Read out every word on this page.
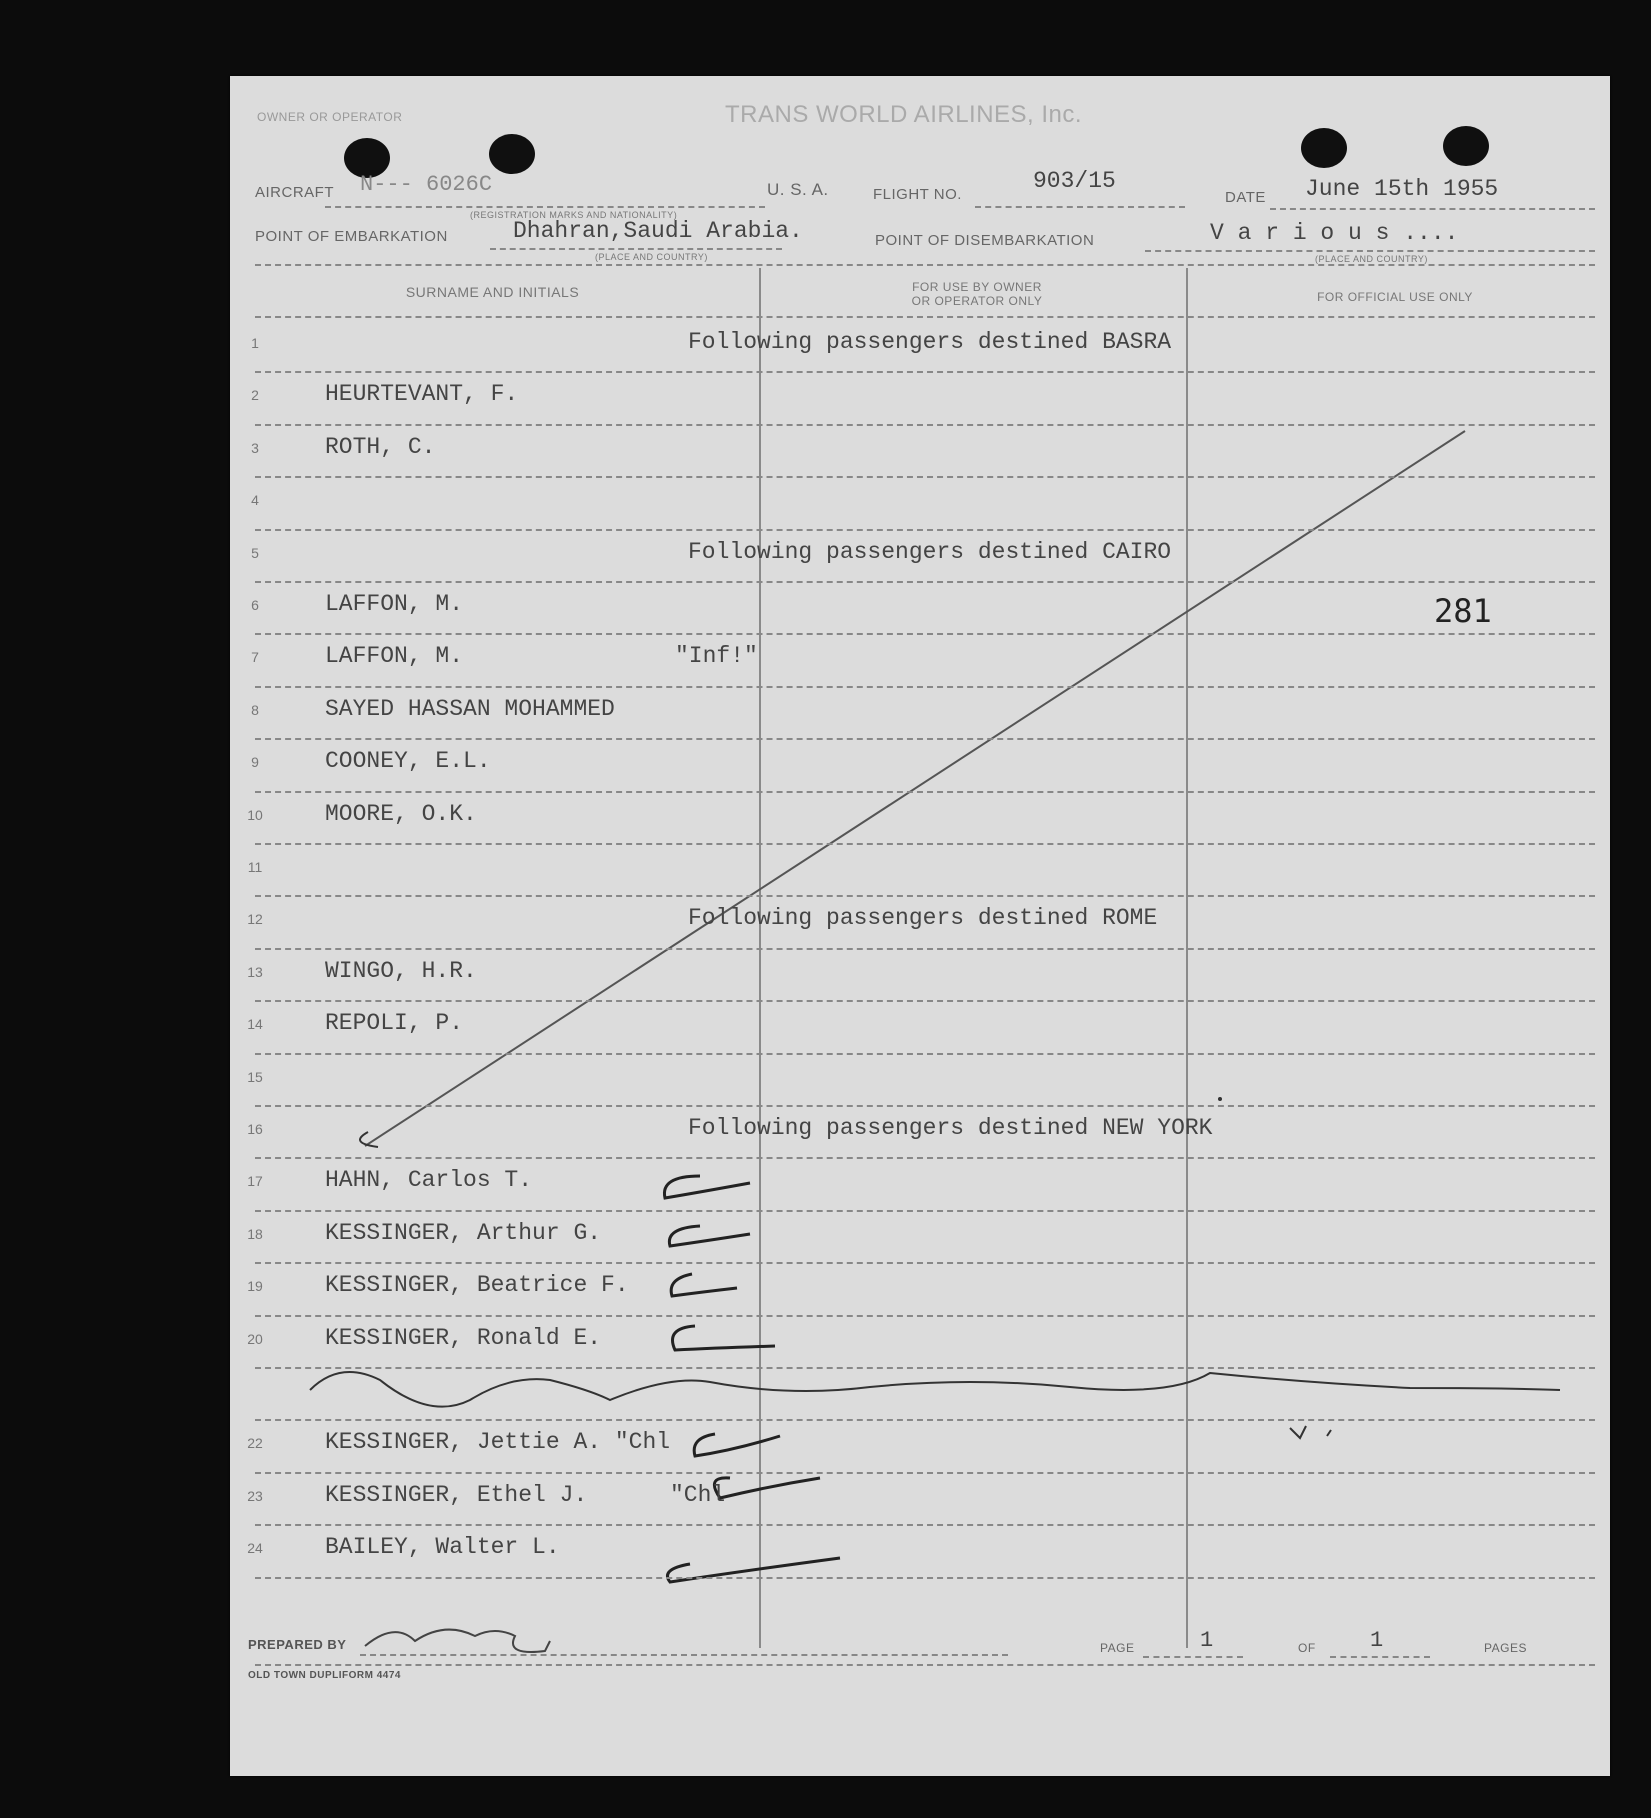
OWNER OR OPERATOR	TRANS WORLD AIRLINES, Inc.
AIRCRAFT N--- 6026C
(REGISTRATION MARKS AND NATIONALITY)
U. S. A.	FLIGHT NO.
903/15
DATE June 15th 1955
POINT OF EMBARKATION	Dhahran,Saudi Arabia.
(PLACE AND COUNTRY)
POINT OF DISEMBARKATION	V a r i o u s ....
(PLACE AND COUNTRY)
SURNAME AND INITIALS	FOR USE BY OWNER
OR OPERATOR ONLY	FOR OFFICIAL USE ONLY
281
PREPARED BY	PAGE	1	OF 1	PAGES
OLD TOWN DUPLIFORM 4474
1	Following passengers destined BASRA
2	HEURTEVANT, F.
3	ROTH, C.
4
5	Following passengers destined CAIRO
6	LAFFON, M.
7	LAFFON, M.	"Inf!"
8	SAYED HASSAN MOHAMMED
9	COONEY, E.L.
10	MOORE, O.K.
11
12	Following passengers destined ROME
13	WINGO, H.R.
14	REPOLI, P.
15
16	Following passengers destined NEW YORK
17	HAHN, Carlos T.
18	KESSINGER, Arthur G.
19	KESSINGER, Beatrice F.
20	KESSINGER, Ronald E.
22	KESSINGER, Jettie A. "Chl
23	KESSINGER, Ethel J.	"Chl
24	BAILEY, Walter L.
